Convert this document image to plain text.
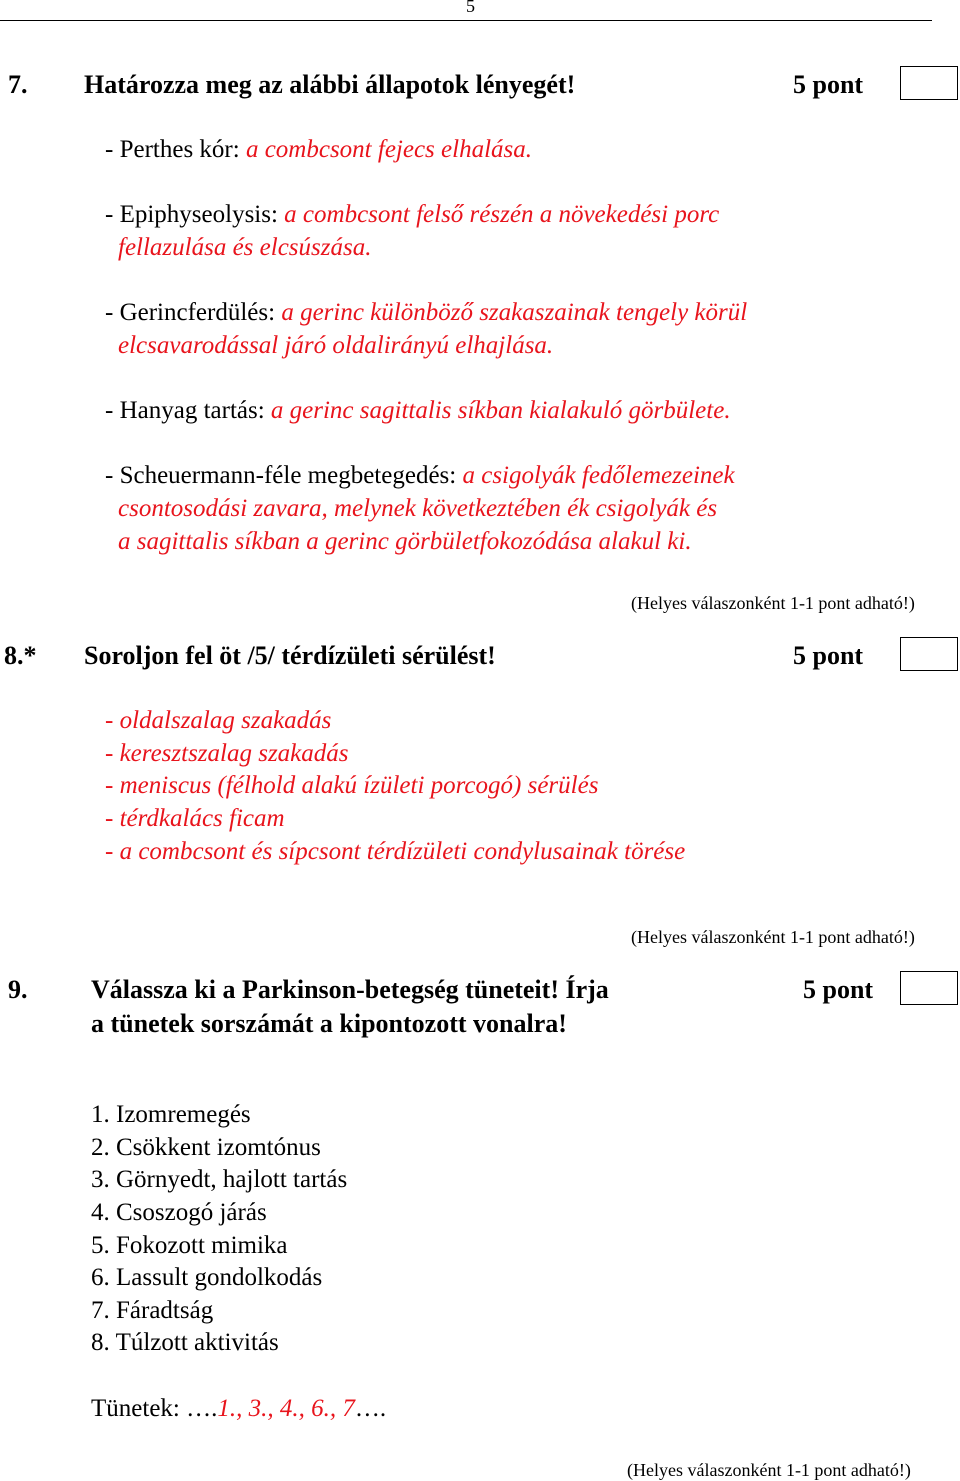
5
7. Határozza meg az alábbi állapotok lényegét!	5 pont
- Perthes kór: a combcsont fejecs elhalása.
- Epiphyseolysis: a combcsont felső részén a növekedési porc
fellazulása és elcsúszása.
- Gerincferdülés: a gerinc különböző szakaszainak tengely körül
elcsavarodással járó oldalirányú elhajlása.
- Hanyag tartás: a gerinc sagittalis síkban kialakuló görbülete.
- Scheuermann-féle megbetegedés: a csigolyák fedőlemezeinek
csontosodási zavara, melynek következtében ék csigolyák és
a sagittalis síkban a gerinc görbületfokozódása alakul ki.
(Helyes válaszonként 1-1 pont adható!)
8.* Soroljon fel öt /5/ térdízületi sérülést!	5 pont
- oldalszalag szakadás
- keresztszalag szakadás
- meniscus (félhold alakú ízületi porcogó) sérülés
- térdkalács ficam
- a combcsont és sípcsont térdízületi condylusainak törése
(Helyes válaszonként 1-1 pont adható!)
9. Válassza ki a Parkinson-betegség tüneteit! Írja
a tünetek sorszámát a kipontozott vonalra!
5 pont
1. Izomremegés
2. Csökkent izomtónus
3. Görnyedt, hajlott tartás
4. Csoszogó járás
5. Fokozott mimika
6. Lassult gondolkodás
7. Fáradtság
8. Túlzott aktivitás
Tünetek: ….1., 3., 4., 6., 7….
(Helyes válaszonként 1-1 pont adható!)
